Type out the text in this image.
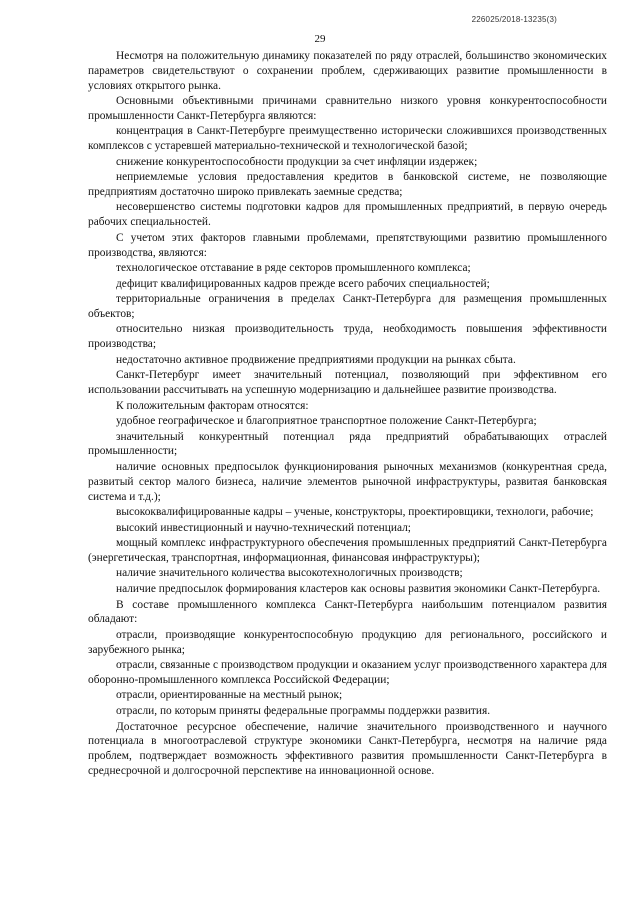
226025/2018-13235(3)
29

Несмотря на положительную динамику показателей по ряду отраслей, большинство экономических параметров свидетельствуют о сохранении проблем, сдерживающих развитие промышленности в условиях открытого рынка.

Основными объективными причинами сравнительно низкого уровня конкурентоспособности промышленности Санкт-Петербурга являются:

концентрация в Санкт-Петербурге преимущественно исторически сложившихся производственных комплексов с устаревшей материально-технической и технологической базой;

снижение конкурентоспособности продукции за счет инфляции издержек;

неприемлемые условия предоставления кредитов в банковской системе, не позволяющие предприятиям достаточно широко привлекать заемные средства;

несовершенство системы подготовки кадров для промышленных предприятий, в первую очередь рабочих специальностей.

С учетом этих факторов главными проблемами, препятствующими развитию промышленного производства, являются:

технологическое отставание в ряде секторов промышленного комплекса;

дефицит квалифицированных кадров прежде всего рабочих специальностей;

территориальные ограничения в пределах Санкт-Петербурга для размещения промышленных объектов;

относительно низкая производительность труда, необходимость повышения эффективности производства;

недостаточно активное продвижение предприятиями продукции на рынках сбыта.

Санкт-Петербург имеет значительный потенциал, позволяющий при эффективном его использовании рассчитывать на успешную модернизацию и дальнейшее развитие производства.

К положительным факторам относятся:

удобное географическое и благоприятное транспортное положение Санкт-Петербурга;

значительный конкурентный потенциал ряда предприятий обрабатывающих отраслей промышленности;

наличие основных предпосылок функционирования рыночных механизмов (конкурентная среда, развитый сектор малого бизнеса, наличие элементов рыночной инфраструктуры, развитая банковская система и т.д.);

высококвалифицированные кадры – ученые, конструкторы, проектировщики, технологи, рабочие;

высокий инвестиционный и научно-технический потенциал;

мощный комплекс инфраструктурного обеспечения промышленных предприятий Санкт-Петербурга (энергетическая, транспортная, информационная, финансовая инфраструктуры);

наличие значительного количества высокотехнологичных производств;

наличие предпосылок формирования кластеров как основы развития экономики Санкт-Петербурга.

В составе промышленного комплекса Санкт-Петербурга наибольшим потенциалом развития обладают:

отрасли, производящие конкурентоспособную продукцию для регионального, российского и зарубежного рынка;

отрасли, связанные с производством продукции и оказанием услуг производственного характера для оборонно-промышленного комплекса Российской Федерации;

отрасли, ориентированные на местный рынок;

отрасли, по которым приняты федеральные программы поддержки развития.

Достаточное ресурсное обеспечение, наличие значительного производственного и научного потенциала в многоотраслевой структуре экономики Санкт-Петербурга, несмотря на наличие ряда проблем, подтверждает возможность эффективного развития промышленности Санкт-Петербурга в среднесрочной и долгосрочной перспективе на инновационной основе.
